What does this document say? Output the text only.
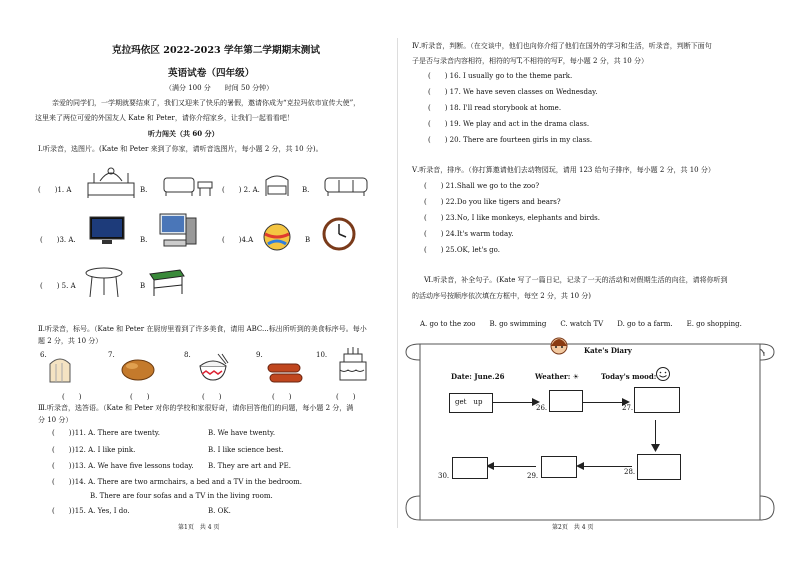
克拉玛依区 2022-2023 学年第二学期期末测试
英语试卷（四年级）
（满分 100 分　　时间 50 分钟）
亲爱的同学们，一学期就要结束了，我们又迎来了快乐的暑假，邀请你成为“克拉玛依市宣传大使”，
这里来了两位可爱的外国友人 Kate 和 Peter，请你介绍家乡，让我们一起看看吧！
听力闯关（共 60 分）
Ⅰ.听录音，选图片。(Kate 和 Peter 来到了你家，请听音选图片，每小题 2 分，共 10 分)。
(　　)1. A	B.	(　　) 2. A.	B.
(　　)3. A.	B.	(　　)4.A	B
(　　) 5. A	B
Ⅱ.听录音，标号。（Kate 和 Peter 在厨房里看到了许多美食，请用 ABC...标出所听到的美食标序号。每小
题 2 分，共 10 分）
6.	7.	8.	9.	10.
(　　)	(　　)	(　　)	(　　)	(　　)
Ⅲ.听录音，选答语。（Kate 和 Peter 对你的学校和家很好奇，请你回答他们的问题，每小题 2 分，满
分 10 分）
(　　) )11. A. There are twenty.	B. We have twenty.
(　　) )12. A. I like pink.	B. I like science best.
(　　) )13. A. We have five lessons today. B. They are art and PE.
(　　) )14. A. There are two armchairs, a bed and a TV in the bedroom.
B. There are four sofas and a TV in the living room.
(　　) )15. A. Yes, I do.	B. OK.
第1页　共 4 页
Ⅳ.听录音，判断。（在交谈中，他们也向你介绍了他们在国外的学习和生活，听录音，判断下面句
子是否与录音内容相符，相符的写T,不相符的写F，每小题 2 分，共 10 分）
(　　) 16. I usually go to the theme park.
(　　) 17. We have seven classes on Wednesday.
(　　) 18. I'll read storybook at home.
(　　) 19. We play and act in the drama class.
(　　) 20. There are fourteen girls in my class.
Ⅴ.听录音，排序。（你打算邀请他们去动物园玩，请用 123 给句子排序，每小题 2 分，共 10 分）
(　　) 21.Shall we go to the zoo?
(　　) 22.Do you like tigers and bears?
(　　) 23.No, I like monkeys, elephants and birds.
(　　) 24.It's warm today.
(　　) 25.OK, let's go.
Ⅵ.听录音，补全句子。(Kate 写了一篇日记，记录了一天的活动和对假期生活的向往，请将你听到
的活动序号按顺序依次填在方框中，每空 2 分，共 10 分)
A. go to the zoo　　B. go swimming　　C. watch TV　　D. go to a farm.　　E. go shopping.
Kate's Diary
Date: June.26	Weather: ☀	Today's mood:
get　up
26.	27.
28.
29.
30.
第2页　共 4 页
